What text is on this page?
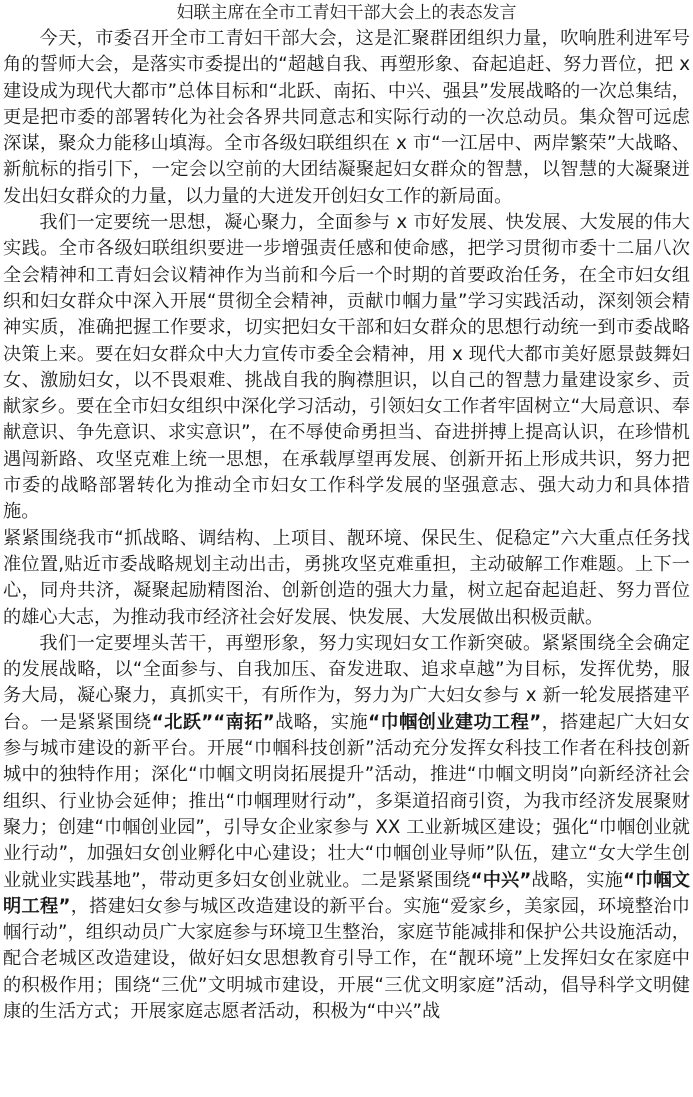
妇联主席在全市工青妇干部大会上的表态发言

今天，市委召开全市工青妇干部大会，这是汇聚群团组织力量，吹响胜利进军号角的誓师大会，是落实市委提出的“超越自我、再塑形象、奋起追赶、努力晋位，把 x 建设成为现代大都市”总体目标和“北跃、南拓、中兴、强县”发展战略的一次总集结，更是把市委的部署转化为社会各界共同意志和实际行动的一次总动员。集众智可远虑深谋，聚众力能移山填海。全市各级妇联组织在 x 市“一江居中、两岸繁荣”大战略、新航标的指引下，一定会以空前的大团结凝聚起妇女群众的智慧，以智慧的大凝聚迸发出妇女群众的力量，以力量的大迸发开创妇女工作的新局面。

我们一定要统一思想，凝心聚力，全面参与 x 市好发展、快发展、大发展的伟大实践。全市各级妇联组织要进一步增强责任感和使命感，把学习贯彻市委十二届八次全会精神和工青妇会议精神作为当前和今后一个时期的首要政治任务，在全市妇女组织和妇女群众中深入开展“贯彻全会精神，贡献巾帼力量”学习实践活动，深刻领会精神实质，准确把握工作要求，切实把妇女干部和妇女群众的思想行动统一到市委战略决策上来。要在妇女群众中大力宣传市委全会精神，用 x 现代大都市美好愿景鼓舞妇女、激励妇女，以不畏艰难、挑战自我的胸襟胆识，以自己的智慧力量建设家乡、贡献家乡。要在全市妇女组织中深化学习活动，引领妇女工作者牢固树立“大局意识、奉献意识、争先意识、求实意识”，在不辱使命勇担当、奋进拼搏上提高认识，在珍惜机遇闯新路、攻坚克难上统一思想，在承载厚望再发展、创新开拓上形成共识，努力把市委的战略部署转化为推动全市妇女工作科学发展的坚强意志、强大动力和具体措施。

紧紧围绕我市“抓战略、调结构、上项目、靓环境、保民生、促稳定”六大重点任务找准位置,贴近市委战略规划主动出击，勇挑攻坚克难重担，主动破解工作难题。上下一心，同舟共济，凝聚起励精图治、创新创造的强大力量，树立起奋起追赶、努力晋位的雄心大志，为推动我市经济社会好发展、快发展、大发展做出积极贡献。

我们一定要埋头苦干，再塑形象，努力实现妇女工作新突破。紧紧围绕全会确定的发展战略，以“全面参与、自我加压、奋发进取、追求卓越”为目标，发挥优势，服务大局，凝心聚力，真抓实干，有所作为，努力为广大妇女参与 x 新一轮发展搭建平台。一是紧紧围绕“北跃”“南拓”战略，实施“巾帼创业建功工程”，搭建起广大妇女参与城市建设的新平台。开展“巾帼科技创新”活动充分发挥女科技工作者在科技创新城中的独特作用；深化“巾帼文明岗拓展提升”活动，推进“巾帼文明岗”向新经济社会组织、行业协会延伸；推出“巾帼理财行动”，多渠道招商引资，为我市经济发展聚财聚力；创建“巾帼创业园”，引导女企业家参与 XX 工业新城区建设；强化“巾帼创业就业行动”，加强妇女创业孵化中心建设；壮大“巾帼创业导师”队伍，建立“女大学生创业就业实践基地”，带动更多妇女创业就业。二是紧紧围绕“中兴”战略，实施“巾帼文明工程”，搭建妇女参与城区改造建设的新平台。实施“爱家乡，美家园，环境整治巾帼行动”，组织动员广大家庭参与环境卫生整治，家庭节能减排和保护公共设施活动，配合老城区改造建设，做好妇女思想教育引导工作，在“靓环境”上发挥妇女在家庭中的积极作用；围绕“三优”文明城市建设，开展“三优文明家庭”活动，倡导科学文明健康的生活方式；开展家庭志愿者活动，积极为“中兴”战
